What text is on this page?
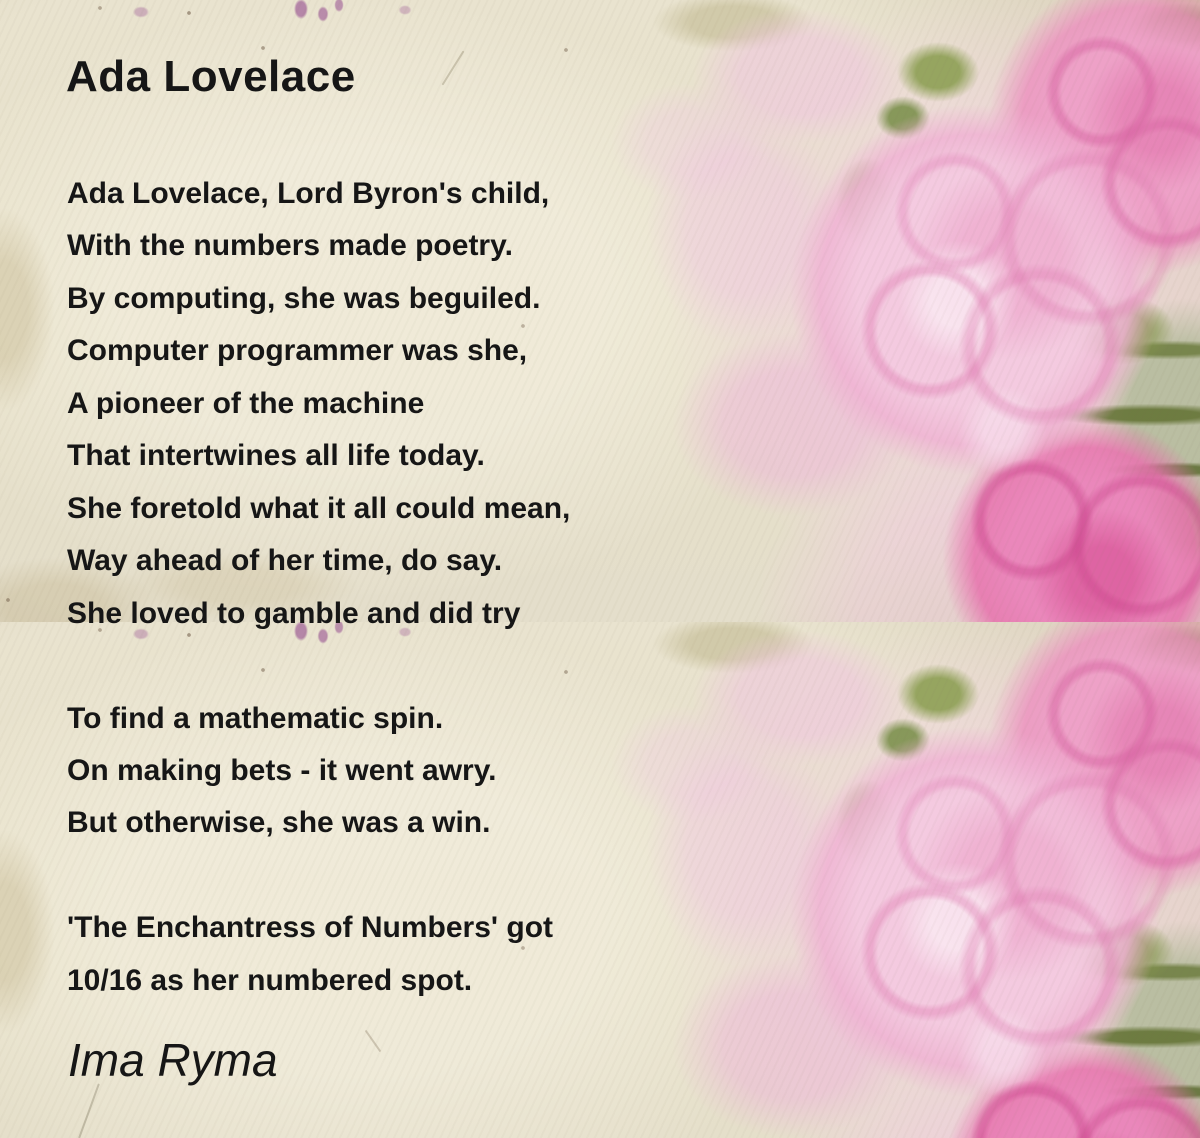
Ada Lovelace
Ada Lovelace, Lord Byron's child,
With the numbers made poetry.
By computing, she was beguiled.
Computer programmer was she,
A pioneer of the machine
That intertwines all life today.
She foretold what it all could mean,
Way ahead of her time, do say.
She loved to gamble and did try

To find a mathematic spin.
On making bets - it went awry.
But otherwise, she was a win.

'The Enchantress of Numbers' got
10/16 as her numbered spot.
Ima Ryma
